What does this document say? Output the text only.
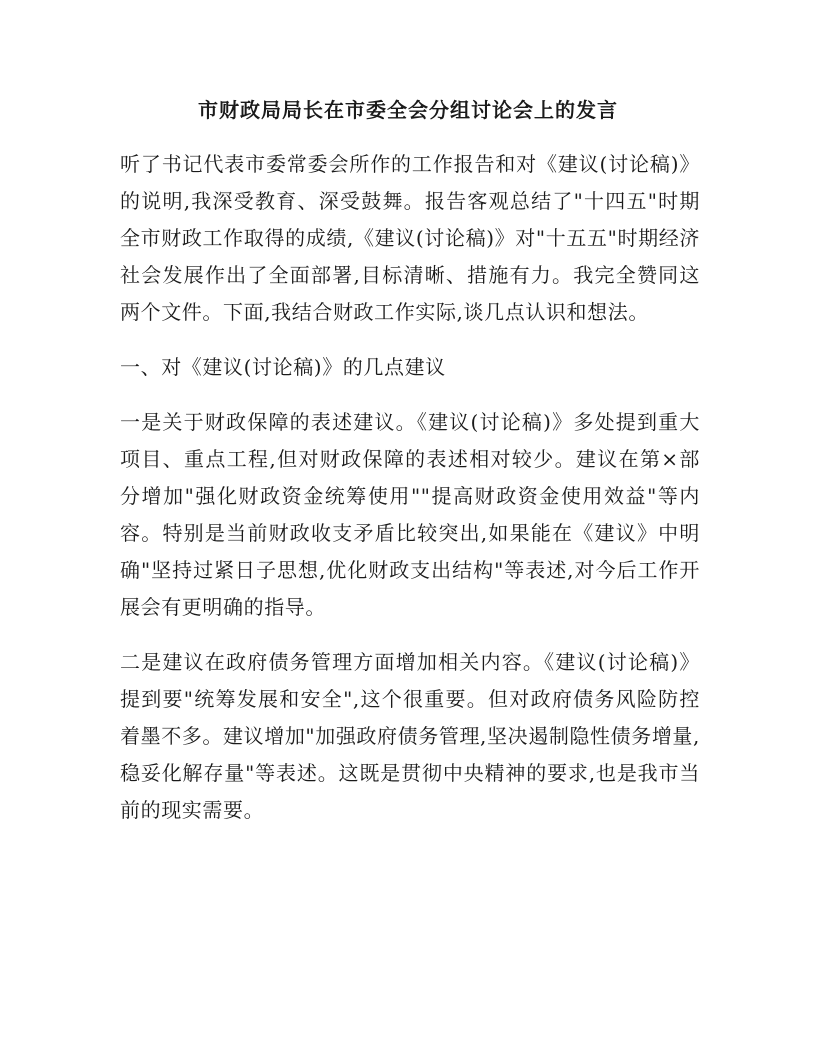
市财政局局长在市委全会分组讨论会上的发言

听了书记代表市委常委会所作的工作报告和对《建议(讨论稿)》的说明,我深受教育、深受鼓舞。报告客观总结了"十四五"时期全市财政工作取得的成绩,《建议(讨论稿)》对"十五五"时期经济社会发展作出了全面部署,目标清晰、措施有力。我完全赞同这两个文件。下面,我结合财政工作实际,谈几点认识和想法。

一、对《建议(讨论稿)》的几点建议

一是关于财政保障的表述建议。《建议(讨论稿)》多处提到重大项目、重点工程,但对财政保障的表述相对较少。建议在第×部分增加"强化财政资金统筹使用""提高财政资金使用效益"等内容。特别是当前财政收支矛盾比较突出,如果能在《建议》中明确"坚持过紧日子思想,优化财政支出结构"等表述,对今后工作开展会有更明确的指导。

二是建议在政府债务管理方面增加相关内容。《建议(讨论稿)》提到要"统筹发展和安全",这个很重要。但对政府债务风险防控着墨不多。建议增加"加强政府债务管理,坚决遏制隐性债务增量,稳妥化解存量"等表述。这既是贯彻中央精神的要求,也是我市当前的现实需要。
